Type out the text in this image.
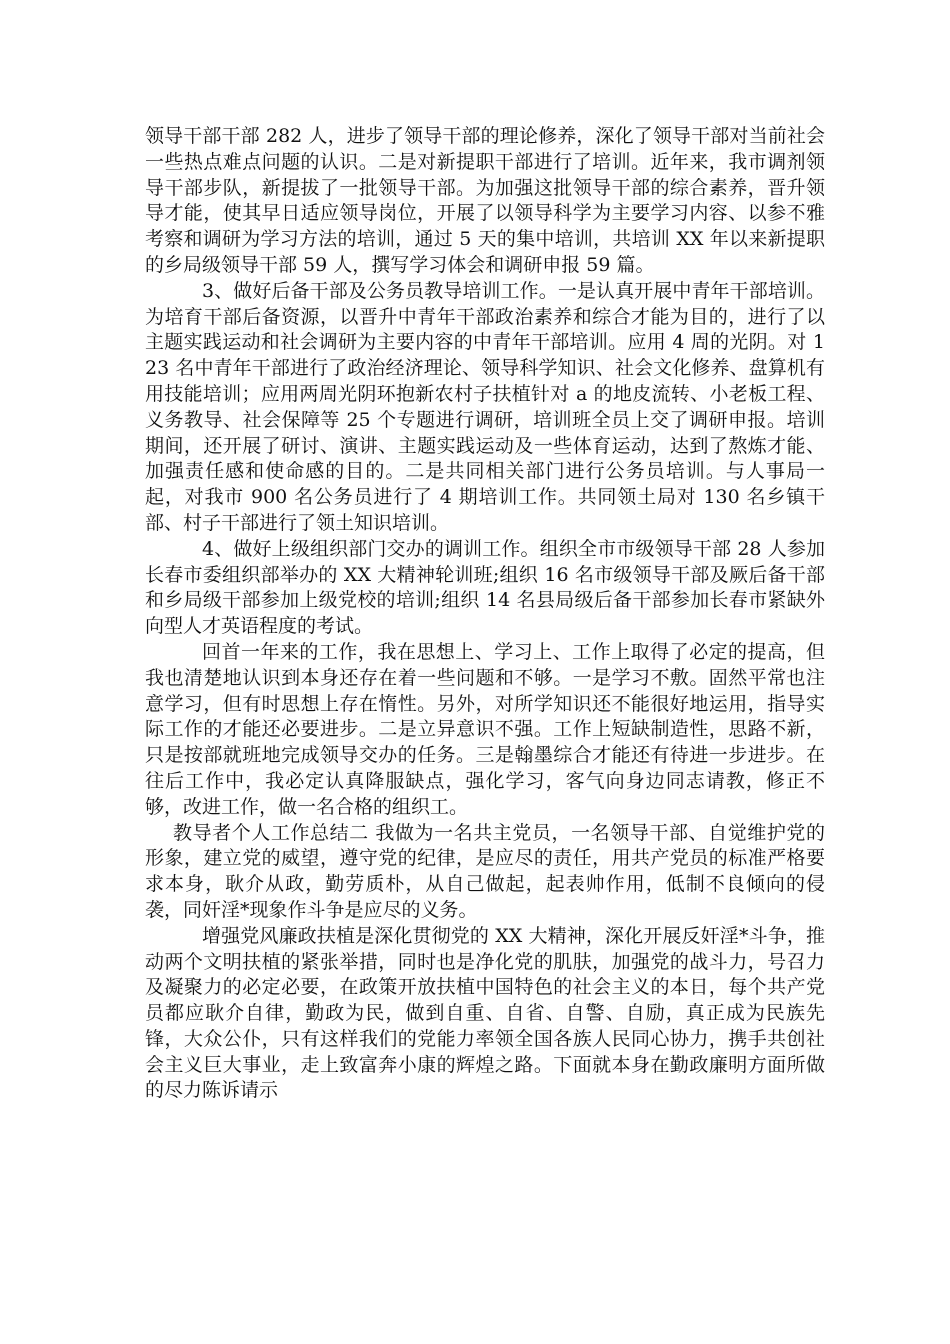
领导干部干部 282 人，进步了领导干部的理论修养，深化了领导干部对当前社会一些热点难点问题的认识。二是对新提职干部进行了培训。近年来，我市调剂领导干部步队，新提拔了一批领导干部。为加强这批领导干部的综合素养，晋升领导才能，使其早日适应领导岗位，开展了以领导科学为主要学习内容、以参不雅考察和调研为学习方法的培训，通过 5 天的集中培训，共培训 XX 年以来新提职的乡局级领导干部 59 人，撰写学习体会和调研申报 59 篇。

3、做好后备干部及公务员教导培训工作。一是认真开展中青年干部培训。为培育干部后备资源，以晋升中青年干部政治素养和综合才能为目的，进行了以主题实践运动和社会调研为主要内容的中青年干部培训。应用 4 周的光阴。对 123 名中青年干部进行了政治经济理论、领导科学知识、社会文化修养、盘算机有用技能培训；应用两周光阴环抱新农村子扶植针对 a 的地皮流转、小老板工程、义务教导、社会保障等 25 个专题进行调研，培训班全员上交了调研申报。培训期间，还开展了研讨、演讲、主题实践运动及一些体育运动，达到了熬炼才能、加强责任感和使命感的目的。二是共同相关部门进行公务员培训。与人事局一起，对我市 900 名公务员进行了 4 期培训工作。共同领土局对 130 名乡镇干部、村子干部进行了领土知识培训。

4、做好上级组织部门交办的调训工作。组织全市市级领导干部 28 人参加长春市委组织部举办的 XX 大精神轮训班;组织 16 名市级领导干部及厥后备干部和乡局级干部参加上级党校的培训;组织 14 名县局级后备干部参加长春市紧缺外向型人才英语程度的考试。

回首一年来的工作，我在思想上、学习上、工作上取得了必定的提高，但我也清楚地认识到本身还存在着一些问题和不够。一是学习不敷。固然平常也注意学习，但有时思想上存在惰性。另外，对所学知识还不能很好地运用，指导实际工作的才能还必要进步。二是立异意识不强。工作上短缺制造性，思路不新，只是按部就班地完成领导交办的任务。三是翰墨综合才能还有待进一步进步。在往后工作中，我必定认真降服缺点，强化学习，客气向身边同志请教，修正不够，改进工作，做一名合格的组织工。

教导者个人工作总结二 我做为一名共主党员，一名领导干部、自觉维护党的形象，建立党的威望，遵守党的纪律，是应尽的责任，用共产党员的标准严格要求本身，耿介从政，勤劳质朴，从自己做起，起表帅作用，低制不良倾向的侵袭，同奸淫*现象作斗争是应尽的义务。

增强党风廉政扶植是深化贯彻党的 XX 大精神，深化开展反奸淫*斗争，推动两个文明扶植的紧张举措，同时也是净化党的肌肤，加强党的战斗力，号召力及凝聚力的必定必要，在政策开放扶植中国特色的社会主义的本日，每个共产党员都应耿介自律，勤政为民，做到自重、自省、自警、自励，真正成为民族先锋，大众公仆，只有这样我们的党能力率领全国各族人民同心协力，携手共创社会主义巨大事业，走上致富奔小康的辉煌之路。下面就本身在勤政廉明方面所做的尽力陈诉请示
